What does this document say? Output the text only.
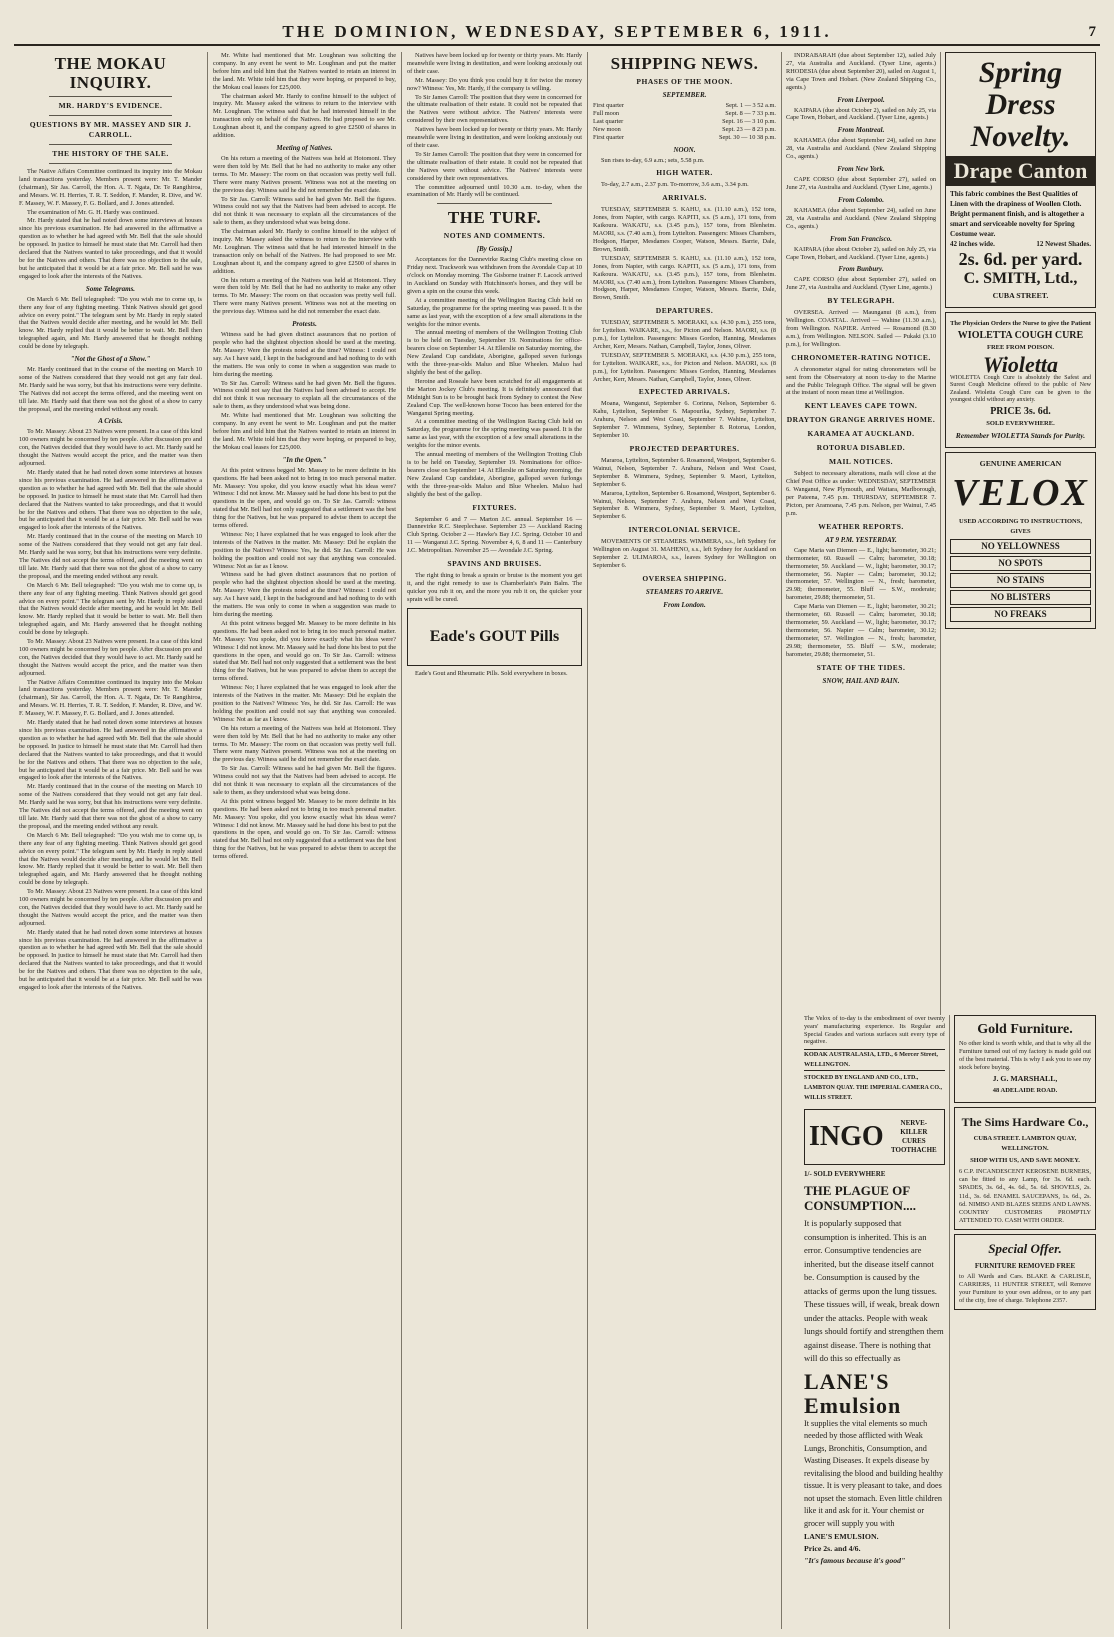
THE DOMINION, WEDNESDAY, SEPTEMBER 6, 1911.	7
THE MOKAU INQUIRY.
MR. HARDY'S EVIDENCE.
QUESTIONS BY MR. MASSEY AND SIR J. CARROLL.
THE HISTORY OF THE SALE.

The Native Affairs Committee continued its inquiry into the Mokau land transactions yesterday. Members present were: Mr. T. Mander (chairman), Sir Jas. Carroll, the Hon. A. T. Ngata, Dr. Te Rangihiroa, and Messrs. W. H. Herries, T. R. T. Seddon, F. Mander, R. Dive, and W. F. Massey, W. F. Massey, F. G. Bollard, and J. Jones attended.

The examination of Mr. G. H. Hardy was continued.

Mr. Hardy stated that he had noted down some interviews at houses since his previous examination. He had answered in the affirmative a question as to whether he had agreed with Mr. Bell that the sale should be opposed. In justice to himself he must state that Mr. Carroll had then declared that the Natives wanted to take proceedings, and that it would be for the Natives and others. That there was no objection to the sale, but he anticipated that it would be at a fair price. Mr. Bell said he was engaged to look after the interests of the Natives.

Some Telegrams.

On March 6 Mr. Bell telegraphed: "Do you wish me to come up, is there any fear of any fighting meeting. Think Natives should get good advice on every point." The telegram sent by Mr. Hardy in reply stated that the Natives would decide after meeting, and he would let Mr. Bell know. Mr. Hardy replied that it would be better to wait. Mr. Bell then telegraphed again, and Mr. Hardy answered that he thought nothing could be done by telegraph.

"Not the Ghost of a Show."

Mr. Hardy continued that in the course of the meeting on March 10 some of the Natives considered that they would not get any fair deal. Mr. Hardy said he was sorry, but that his instructions were very definite. The Natives did not accept the terms offered, and the meeting went on till late. Mr. Hardy said that there was not the ghost of a show to carry the proposal, and the meeting ended without any result.

A Crisis.

To Mr. Massey: About 23 Natives were present. In a case of this kind 100 owners might be concerned by ten people. After discussion pro and con, the Natives decided that they would have to act. Mr. Hardy said he thought the Natives would accept the price, and the matter was then adjourned.

Mr. Hardy stated that he had noted down some interviews at houses since his previous examination. He had answered in the affirmative a question as to whether he had agreed with Mr. Bell that the sale should be opposed. In justice to himself he must state that Mr. Carroll had then declared that the Natives wanted to take proceedings, and that it would be for the Natives and others. That there was no objection to the sale, but he anticipated that it would be at a fair price. Mr. Bell said he was engaged to look after the interests of the Natives.

Mr. Hardy continued that in the course of the meeting on March 10 some of the Natives considered that they would not get any fair deal. Mr. Hardy said he was sorry, but that his instructions were very definite. The Natives did not accept the terms offered, and the meeting went on till late. Mr. Hardy said that there was not the ghost of a show to carry the proposal, and the meeting ended without any result.

On March 6 Mr. Bell telegraphed: "Do you wish me to come up, is there any fear of any fighting meeting. Think Natives should get good advice on every point." The telegram sent by Mr. Hardy in reply stated that the Natives would decide after meeting, and he would let Mr. Bell know. Mr. Hardy replied that it would be better to wait. Mr. Bell then telegraphed again, and Mr. Hardy answered that he thought nothing could be done by telegraph.

To Mr. Massey: About 23 Natives were present. In a case of this kind 100 owners might be concerned by ten people. After discussion pro and con, the Natives decided that they would have to act. Mr. Hardy said he thought the Natives would accept the price, and the matter was then adjourned.

The Native Affairs Committee continued its inquiry into the Mokau land transactions yesterday. Members present were: Mr. T. Mander (chairman), Sir Jas. Carroll, the Hon. A. T. Ngata, Dr. Te Rangihiroa, and Messrs. W. H. Herries, T. R. T. Seddon, F. Mander, R. Dive, and W. F. Massey, W. F. Massey, F. G. Bollard, and J. Jones attended.

Mr. Hardy stated that he had noted down some interviews at houses since his previous examination. He had answered in the affirmative a question as to whether he had agreed with Mr. Bell that the sale should be opposed. In justice to himself he must state that Mr. Carroll had then declared that the Natives wanted to take proceedings, and that it would be for the Natives and others. That there was no objection to the sale, but he anticipated that it would be at a fair price. Mr. Bell said he was engaged to look after the interests of the Natives.

Mr. Hardy continued that in the course of the meeting on March 10 some of the Natives considered that they would not get any fair deal. Mr. Hardy said he was sorry, but that his instructions were very definite. The Natives did not accept the terms offered, and the meeting went on till late. Mr. Hardy said that there was not the ghost of a show to carry the proposal, and the meeting ended without any result.

On March 6 Mr. Bell telegraphed: "Do you wish me to come up, is there any fear of any fighting meeting. Think Natives should get good advice on every point." The telegram sent by Mr. Hardy in reply stated that the Natives would decide after meeting, and he would let Mr. Bell know. Mr. Hardy replied that it would be better to wait. Mr. Bell then telegraphed again, and Mr. Hardy answered that he thought nothing could be done by telegraph.

To Mr. Massey: About 23 Natives were present. In a case of this kind 100 owners might be concerned by ten people. After discussion pro and con, the Natives decided that they would have to act. Mr. Hardy said he thought the Natives would accept the price, and the matter was then adjourned.

Mr. Hardy stated that he had noted down some interviews at houses since his previous examination. He had answered in the affirmative a question as to whether he had agreed with Mr. Bell that the sale should be opposed. In justice to himself he must state that Mr. Carroll had then declared that the Natives wanted to take proceedings, and that it would be for the Natives and others. That there was no objection to the sale, but he anticipated that it would be at a fair price. Mr. Bell said he was engaged to look after the interests of the Natives.

Mr. White had mentioned that Mr. Loughnan was soliciting the company. In any event he went to Mr. Loughnan and put the matter before him and told him that the Natives wanted to retain an interest in the land. Mr. White told him that they were hoping, or prepared to buy, the Mokau coal leases for £25,000.

The chairman asked Mr. Hardy to confine himself to the subject of inquiry. Mr. Massey asked the witness to return to the interview with Mr. Loughnan. The witness said that he had interested himself in the transaction only on behalf of the Natives. He had proposed to see Mr. Loughnan about it, and the company agreed to give £2500 of shares in addition.

Meeting of Natives.

On his return a meeting of the Natives was held at Hotomoni. They were then told by Mr. Bell that he had no authority to make any other terms. To Mr. Massey: The room on that occasion was pretty well full. There were many Natives present. Witness was not at the meeting on the previous day. Witness said he did not remember the exact date.

To Sir Jas. Carroll: Witness said he had given Mr. Bell the figures. Witness could not say that the Natives had been advised to accept. He did not think it was necessary to explain all the circumstances of the sale to them, as they understood what was being done.

The chairman asked Mr. Hardy to confine himself to the subject of inquiry. Mr. Massey asked the witness to return to the interview with Mr. Loughnan. The witness said that he had interested himself in the transaction only on behalf of the Natives. He had proposed to see Mr. Loughnan about it, and the company agreed to give £2500 of shares in addition.

On his return a meeting of the Natives was held at Hotomoni. They were then told by Mr. Bell that he had no authority to make any other terms. To Mr. Massey: The room on that occasion was pretty well full. There were many Natives present. Witness was not at the meeting on the previous day. Witness said he did not remember the exact date.

Protests.

Witness said he had given distinct assurances that no portion of people who had the slightest objection should be used at the meeting. Mr. Massey: Were the protests noted at the time? Witness: I could not say. As I have said, I kept in the background and had nothing to do with the matters. He was only to come in when a suggestion was made to him during the meeting.

To Sir Jas. Carroll: Witness said he had given Mr. Bell the figures. Witness could not say that the Natives had been advised to accept. He did not think it was necessary to explain all the circumstances of the sale to them, as they understood what was being done.

Mr. White had mentioned that Mr. Loughnan was soliciting the company. In any event he went to Mr. Loughnan and put the matter before him and told him that the Natives wanted to retain an interest in the land. Mr. White told him that they were hoping, or prepared to buy, the Mokau coal leases for £25,000.

"In the Open."

At this point witness begged Mr. Massey to be more definite in his questions. He had been asked not to bring in too much personal matter. Mr. Massey: You spoke, did you know exactly what his ideas were? Witness: I did not know. Mr. Massey said he had done his best to put the questions in the open, and would go on. To Sir Jas. Carroll: witness stated that Mr. Bell had not only suggested that a settlement was the best thing for the Natives, but he was prepared to advise them to accept the terms offered.

Witness: No; I have explained that he was engaged to look after the interests of the Natives in the matter. Mr. Massey: Did he explain the position to the Natives? Witness: Yes, he did. Sir Jas. Carroll: He was holding the position and could not say that anything was concealed. Witness: Not as far as I know.

Witness said he had given distinct assurances that no portion of people who had the slightest objection should be used at the meeting. Mr. Massey: Were the protests noted at the time? Witness: I could not say. As I have said, I kept in the background and had nothing to do with the matters. He was only to come in when a suggestion was made to him during the meeting.

At this point witness begged Mr. Massey to be more definite in his questions. He had been asked not to bring in too much personal matter. Mr. Massey: You spoke, did you know exactly what his ideas were? Witness: I did not know. Mr. Massey said he had done his best to put the questions in the open, and would go on. To Sir Jas. Carroll: witness stated that Mr. Bell had not only suggested that a settlement was the best thing for the Natives, but he was prepared to advise them to accept the terms offered.

Witness: No; I have explained that he was engaged to look after the interests of the Natives in the matter. Mr. Massey: Did he explain the position to the Natives? Witness: Yes, he did. Sir Jas. Carroll: He was holding the position and could not say that anything was concealed. Witness: Not as far as I know.

On his return a meeting of the Natives was held at Hotomoni. They were then told by Mr. Bell that he had no authority to make any other terms. To Mr. Massey: The room on that occasion was pretty well full. There were many Natives present. Witness was not at the meeting on the previous day. Witness said he did not remember the exact date.

To Sir Jas. Carroll: Witness said he had given Mr. Bell the figures. Witness could not say that the Natives had been advised to accept. He did not think it was necessary to explain all the circumstances of the sale to them, as they understood what was being done.

At this point witness begged Mr. Massey to be more definite in his questions. He had been asked not to bring in too much personal matter. Mr. Massey: You spoke, did you know exactly what his ideas were? Witness: I did not know. Mr. Massey said he had done his best to put the questions in the open, and would go on. To Sir Jas. Carroll: witness stated that Mr. Bell had not only suggested that a settlement was the best thing for the Natives, but he was prepared to advise them to accept the terms offered.

Natives have been locked up for twenty or thirty years. Mr. Hardy meanwhile were living in destitution, and were looking anxiously out of their case.

Mr. Massey: Do you think you could buy it for twice the money now? Witness: Yes, Mr. Hardy, if the company is willing.

To Sir James Carroll: The position that they were in concerned for the ultimate realisation of their estate. It could not be repeated that the Natives were without advice. The Natives' interests were considered by their own representatives.

Natives have been locked up for twenty or thirty years. Mr. Hardy meanwhile were living in destitution, and were looking anxiously out of their case.

To Sir James Carroll: The position that they were in concerned for the ultimate realisation of their estate. It could not be repeated that the Natives were without advice. The Natives' interests were considered by their own representatives.

The committee adjourned until 10.30 a.m. to-day, when the examination of Mr. Hardy will be continued.

THE TURF.
NOTES AND COMMENTS.
[By Gossip.]

Acceptances for the Dannevirke Racing Club's meeting close on Friday next. Trackwork was withdrawn from the Avondale Cup at 10 o'clock on Monday morning. The Gisborne trainer F. Lacock arrived in Auckland on Sunday with Hutchinson's horses, and they will be given a spin on the course this week.

At a committee meeting of the Wellington Racing Club held on Saturday, the programme for the spring meeting was passed. It is the same as last year, with the exception of a few small alterations in the weights for the minor events.

The annual meeting of members of the Wellington Trotting Club is to be held on Tuesday, September 19. Nominations for office-bearers close on September 14. At Ellerslie on Saturday morning, the New Zealand Cup candidate, Aborigine, galloped seven furlongs with the three-year-olds Maluo and Blue Wheelen. Maluo had slightly the best of the gallop.

Heroine and Roseale have been scratched for all engagements at the Marton Jockey Club's meeting. It is definitely announced that Midnight Sun is to be brought back from Sydney to contest the New Zealand Cup. The well-known horse Tocoo has been entered for the Wanganui Spring meeting.

At a committee meeting of the Wellington Racing Club held on Saturday, the programme for the spring meeting was passed. It is the same as last year, with the exception of a few small alterations in the weights for the minor events.

The annual meeting of members of the Wellington Trotting Club is to be held on Tuesday, September 19. Nominations for office-bearers close on September 14. At Ellerslie on Saturday morning, the New Zealand Cup candidate, Aborigine, galloped seven furlongs with the three-year-olds Maluo and Blue Wheelen. Maluo had slightly the best of the gallop.

FIXTURES.

September 6 and 7 — Marton J.C. annual. September 16 — Dannevirke R.C. Steeplechase. September 23 — Auckland Racing Club Spring. October 2 — Hawke's Bay J.C. Spring. October 10 and 11 — Wanganui J.C. Spring. November 4, 6, 8 and 11 — Canterbury J.C. Metropolitan. November 25 — Avondale J.C. Spring.

SPAVINS AND BRUISES.

The right thing to break a sprain or bruise is the moment you get it, and the right remedy to use is Chamberlain's Pain Balm. The quicker you rub it on, and the more you rub it on, the quicker your sprain will be cured.

Eade's GOUT Pills

Eade's Gout and Rheumatic Pills. Sold everywhere in boxes.

SHIPPING NEWS.
PHASES OF THE MOON.
SEPTEMBER.
First quarter	Sept. 1 — 3 52 a.m.
Full moon	Sept. 8 — 7 33 p.m.
Last quarter	Sept. 16 — 3 10 p.m.
New moon	Sept. 23 — 8 23 p.m.
First quarter	Sept. 30 — 10 38 p.m.
NOON.

Sun rises to-day, 6.9 a.m.; sets, 5.58 p.m.

HIGH WATER.

To-day, 2.7 a.m., 2.37 p.m. To-morrow, 3.6 a.m., 3.34 p.m.

ARRIVALS.

TUESDAY, SEPTEMBER 5. KAHU, s.s. (11.10 a.m.), 152 tons, Jones, from Napier, with cargo. KAPITI, s.s. (5 a.m.), 171 tons, from Kaikoura. WAKATU, s.s. (3.45 p.m.), 157 tons, from Blenheim. MAORI, s.s. (7.40 a.m.), from Lyttelton. Passengers: Misses Chambers, Hodgson, Harper, Mesdames Cooper, Watson, Messrs. Barrie, Dale, Brown, Smith.

TUESDAY, SEPTEMBER 5. KAHU, s.s. (11.10 a.m.), 152 tons, Jones, from Napier, with cargo. KAPITI, s.s. (5 a.m.), 171 tons, from Kaikoura. WAKATU, s.s. (3.45 p.m.), 157 tons, from Blenheim. MAORI, s.s. (7.40 a.m.), from Lyttelton. Passengers: Misses Chambers, Hodgson, Harper, Mesdames Cooper, Watson, Messrs. Barrie, Dale, Brown, Smith.

DEPARTURES.

TUESDAY, SEPTEMBER 5. MOERAKI, s.s. (4.30 p.m.), 255 tons, for Lyttelton. WAIKARE, s.s., for Picton and Nelson. MAORI, s.s. (8 p.m.), for Lyttelton. Passengers: Misses Gordon, Hanning, Mesdames Archer, Kerr, Messrs. Nathan, Campbell, Taylor, Jones, Oliver.

TUESDAY, SEPTEMBER 5. MOERAKI, s.s. (4.30 p.m.), 255 tons, for Lyttelton. WAIKARE, s.s., for Picton and Nelson. MAORI, s.s. (8 p.m.), for Lyttelton. Passengers: Misses Gordon, Hanning, Mesdames Archer, Kerr, Messrs. Nathan, Campbell, Taylor, Jones, Oliver.

EXPECTED ARRIVALS.

Moana, Wanganui, September 6. Corinna, Nelson, September 6. Kahu, Lyttelton, September 6. Mapourika, Sydney, September 7. Arahura, Nelson and West Coast, September 7. Wahine, Lyttelton, September 7. Wimmera, Sydney, September 8. Rotorua, London, September 10.

PROJECTED DEPARTURES.

Mararoa, Lyttelton, September 6. Rosamond, Westport, September 6. Wainui, Nelson, September 7. Arahura, Nelson and West Coast, September 8. Wimmera, Sydney, September 9. Maori, Lyttelton, September 6.

Mararoa, Lyttelton, September 6. Rosamond, Westport, September 6. Wainui, Nelson, September 7. Arahura, Nelson and West Coast, September 8. Wimmera, Sydney, September 9. Maori, Lyttelton, September 6.

INTERCOLONIAL SERVICE.

MOVEMENTS OF STEAMERS. WIMMERA, s.s., left Sydney for Wellington on August 31. MAHENO, s.s., left Sydney for Auckland on September 2. ULIMAROA, s.s., leaves Sydney for Wellington on September 6.

OVERSEA SHIPPING.
STEAMERS TO ARRIVE.
From London.

INDRABARAH (due about September 12), sailed July 27, via Australia and Auckland. (Tyser Line, agents.) RHODESIA (due about September 20), sailed on August 1, via Cape Town and Hobart. (New Zealand Shipping Co., agents.)

From Liverpool.

KAIPARA (due about October 2), sailed on July 25, via Cape Town, Hobart, and Auckland. (Tyser Line, agents.)

From Montreal.

KAHAMEA (due about September 24), sailed on June 28, via Australia and Auckland. (New Zealand Shipping Co., agents.)

From New York.

CAPE CORSO (due about September 27), sailed on June 27, via Australia and Auckland. (Tyser Line, agents.)

From Colombo.

KAHAMEA (due about September 24), sailed on June 28, via Australia and Auckland. (New Zealand Shipping Co., agents.)

From San Francisco.

KAIPARA (due about October 2), sailed on July 25, via Cape Town, Hobart, and Auckland. (Tyser Line, agents.)

From Bunbury.

CAPE CORSO (due about September 27), sailed on June 27, via Australia and Auckland. (Tyser Line, agents.)

BY TELEGRAPH.

OVERSEA. Arrived — Maunganui (8 a.m.), from Wellington. COASTAL. Arrived — Wahine (11.30 a.m.), from Wellington. NAPIER. Arrived — Rosamond (8.30 a.m.), from Wellington. NELSON. Sailed — Pukaki (3.10 p.m.), for Wellington.

CHRONOMETER-RATING NOTICE.

A chronometer signal for rating chronometers will be sent from the Observatory at noon to-day to the Marine and the Public Telegraph Office. The signal will be given at the instant of noon mean time at Wellington.

KENT LEAVES CAPE TOWN.
DRAYTON GRANGE ARRIVES HOME.
KARAMEA AT AUCKLAND.
ROTORUA DISABLED.
MAIL NOTICES.

Subject to necessary alterations, mails will close at the Chief Post Office as under: WEDNESDAY, SEPTEMBER 6. Wanganui, New Plymouth, and Waitara, Marlborough, per Pateena, 7.45 p.m. THURSDAY, SEPTEMBER 7. Picton, per Aramoana, 7.45 p.m. Nelson, per Wainui, 7.45 p.m.

WEATHER REPORTS.
AT 9 P.M. YESTERDAY.

Cape Maria van Diemen — E., light; barometer, 30.21; thermometer, 60. Russell — Calm; barometer, 30.18; thermometer, 59. Auckland — W., light; barometer, 30.17; thermometer, 56. Napier — Calm; barometer, 30.12; thermometer, 57. Wellington — N., fresh; barometer, 29.98; thermometer, 55. Bluff — S.W., moderate; barometer, 29.88; thermometer, 51.

Cape Maria van Diemen — E., light; barometer, 30.21; thermometer, 60. Russell — Calm; barometer, 30.18; thermometer, 59. Auckland — W., light; barometer, 30.17; thermometer, 56. Napier — Calm; barometer, 30.12; thermometer, 57. Wellington — N., fresh; barometer, 29.98; thermometer, 55. Bluff — S.W., moderate; barometer, 29.88; thermometer, 51.

STATE OF THE TIDES.
SNOW, HAIL AND RAIN.
Spring
Dress
Novelty.
Drape Canton
This fabric combines the Best Qualities of Linen with the drapiness of Woollen Cloth. Bright permanent finish, and is altogether a smart and serviceable novelty for Spring Costume wear.
42 inches wide.	12 Newest Shades.
2s. 6d. per yard.
C. SMITH, Ltd.,
CUBA STREET.
The Physician Orders the Nurse to give the Patient
WIOLETTA COUGH CURE
FREE FROM POISON.
Wioletta
WIOLETTA Cough Cure is absolutely the Safest and Surest Cough Medicine offered to the public of New Zealand. Wioletta Cough Cure can be given to the youngest child without any anxiety.
PRICE 3s. 6d.
SOLD EVERYWHERE.
Remember WIOLETTA Stands for Purity.
GENUINE AMERICAN
VELOX
USED ACCORDING TO INSTRUCTIONS, GIVES
NO YELLOWNESS
NO SPOTS
NO STAINS
NO BLISTERS
NO FREAKS
The Velox of to-day is the embodiment of over twenty years' manufacturing experience. Its Regular and Special Grades and various surfaces suit every type of negative.
KODAK AUSTRALASIA, LTD., 6 Mercer Street, WELLINGTON.
STOCKED BY ENGLAND AND CO., LTD., LAMBTON QUAY. THE IMPERIAL CAMERA CO., WILLIS STREET.
INGO	NERVE-KILLER CURES TOOTHACHE
1/- SOLD EVERYWHERE
THE PLAGUE OF CONSUMPTION....
It is popularly supposed that consumption is inherited. This is an error. Consumptive tendencies are inherited, but the disease itself cannot be. Consumption is caused by the attacks of germs upon the lung tissues. These tissues will, if weak, break down under the attacks. People with weak lungs should fortify and strengthen them against disease. There is nothing that will do this so effectually as
LANE'S
Emulsion
It supplies the vital elements so much needed by those afflicted with Weak Lungs, Bronchitis, Consumption, and Wasting Diseases. It expels disease by revitalising the blood and building healthy tissue. It is very pleasant to take, and does not upset the stomach. Even little children like it and ask for it. Your chemist or grocer will supply you with
LANE'S EMULSION.
Price 2s. and 4/6.
"It's famous because it's good"
Gold Furniture.
No other kind is worth while, and that is why all the Furniture turned out of my factory is made gold out of the best material. This is why I ask you to see my stock before buying.
J. G. MARSHALL,
48 ADELAIDE ROAD.
The Sims Hardware Co.,
CUBA STREET. LAMBTON QUAY, WELLINGTON.
SHOP WITH US, AND SAVE MONEY.
6 C.P. INCANDESCENT KEROSENE BURNERS, can be fitted to any Lamp, for 3s. 6d. each. SPADES, 3s. 6d., 4s. 6d., 5s. 6d. SHOVELS, 2s. 11d., 3s. 6d. ENAMEL SAUCEPANS, 1s. 6d., 2s. 6d. NIMBO AND BLAZES SEEDS AND LAWNS. COUNTRY CUSTOMERS PROMPTLY ATTENDED TO. CASH WITH ORDER.
Special Offer.
FURNITURE REMOVED FREE
to All Wards and Cars. BLAKE & CARLISLE, CARRIERS, 11 HUNTER STREET, will Remove your Furniture to your own address, or to any part of the city, free of charge. Telephone 2357.
